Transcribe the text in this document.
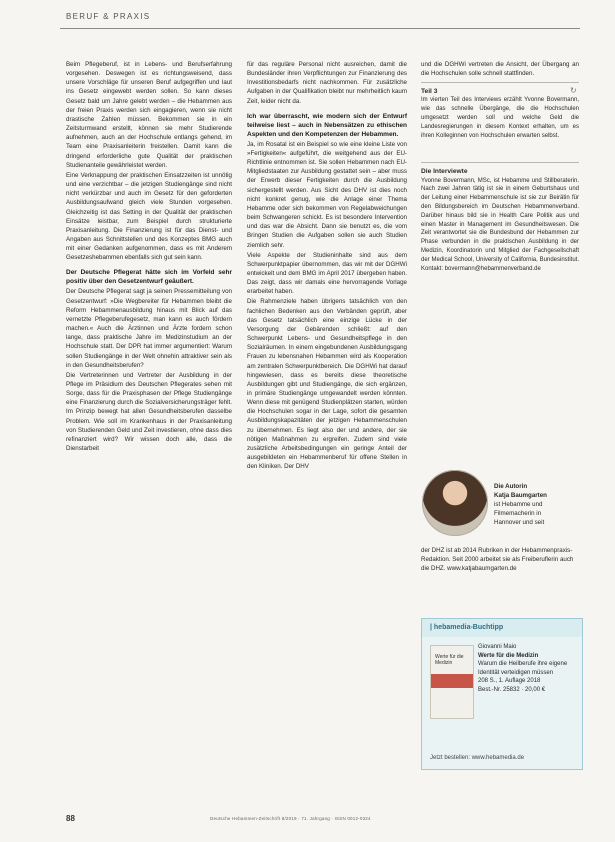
BERUF & PRAXIS

Beim Pflegeberuf, ist in Lebens- und Berufserfahrung vorgesehen. Deswegen ist es richtungsweisend, dass unsere Vorschläge für unseren Beruf aufgegriffen und laut ins Gesetz eingewebt werden sollen. So kann dieses Gesetz bald um Jahre gelebt werden – die Hebammen aus der freien Praxis werden sich eingagieren, wenn sie nicht drastische Zahlen müssen. Bekommen sie in ein Zeitsturmwand erstellt, können sie mehr Studierende aufnehmen, auch an der Hochschule entlangs gehend, im Team eine Praxisanleiterin freistellen. Damit kann die dringend erforderliche gute Qualität der praktischen Studienanteile gewährleistet werden.

Eine Verknappung der praktischen Einsatzzeiten ist unnötig und eine verzichtbar – die jetzigen Studiengänge sind nicht nicht verkürzbar und auch im Gesetz für den geforderten Ausbildungsaufwand gleich viele Stunden vorgesehen. Gleichzeitig ist das Setting in der Qualität der praktischen Einsätze leistbar, zum Beispiel durch strukturierte Praxisanleitung. Die Finanzierung ist für das Dienst- und Angaben aus Schnittstellen und des Konzeptes BMG auch mit einer Gedanken aufgenommen, dass es mit Anderem Gesetzeshebammen ebenfalls sich gut sein kann.

Der Deutsche Pflegerat hätte sich im Vorfeld sehr positiv über den Gesetzentwurf geäußert.

Der Deutsche Pflegerat sagt ja seinen Pressemitteilung von Gesetzentwurf: »Die Wegbereiter für Hebammen bleibt die Reform Hebammenausbildung hinaus mit Blick auf das vernetzte Pflegeberufegesetz, man kann es auch fördern machen.« Auch die Ärztinnen und Ärzte fordern schon lange, dass praktische Jahre im Medizinstudium an der Hochschule statt. Der DPR hat immer argumentiert: Warum sollen Studiengänge in der Welt ohnehin attraktiver sein als in den Gesundheitsberufen?

Die Vertreterinnen und Vertreter der Ausbildung in der Pflege im Präsidium des Deutschen Pflegerates sehen mit Sorge, dass für die Praxisphasen der Pflege Studiengänge eine Finanzierung durch die Sozialversicherungsträger fehlt. Im Prinzip bewegt hat allen Gesundheitsberufen dasselbe Problem. Wie soll im Krankenhaus in der Praxisanleitung von Studierenden Geld und Zeit investieren, ohne dass dies refinanziert wird? Wir wissen doch alle, dass die Dienstarbeit

für das reguläre Personal nicht ausreichen, damit die Bundesländer ihren Verpflichtungen zur Finanzierung des Investitionsbedarfs nicht nachkommen. Für zusätzliche Aufgaben in der Qualifikation bleibt nur mehrheitlich kaum Zeit, leider nicht da.

Ich war überrascht, wie modern sich der Entwurf teilweise liest – auch in Nebensätzen zu ethischen Aspekten und den Kompetenzen der Hebammen.

Ja, im Rosatal ist ein Beispiel so wie eine kleine Liste von »Fertigkeiten« aufgeführt, die weitgehend aus der EU-Richtlinie entnommen ist. Sie sollen Hebammen nach EU-Mitgliedstaaten zur Ausbildung gestattet sein – aber muss der Erwerb dieser Fertigkeiten durch die Ausbildung sichergestellt werden. Aus Sicht des DHV ist dies noch nicht konkret genug, wie die Anlage einer Thema Hebamme oder sich bekommen von Regelabweichungen beim Schwangeren schickt. Es ist besondere Intervention und das war die Absicht. Dann sie benutzt es, die vom Bringen Studien die Aufgaben sollen sie auch Studien ziemlich sehr.

Viele Aspekte der Studieninhalte sind aus dem Schwerpunktpapier übernommen, das wir mit der DGHWi entwickelt und dem BMG im April 2017 übergeben haben. Das zeigt, dass wir damals eine hervorragende Vorlage erarbeitet haben.

Die Rahmenziele haben übrigens tatsächlich von den fachlichen Bedenken aus den Verbänden geprüft, aber das Gesetz tatsächlich eine einzige Lücke in der Versorgung der Gebärenden schließt: auf den Schwerpunkt Lebens- und Gesundheitspflege in den Sozialräumen. In einem eingebundenen Ausbildungsgang Frauen zu lebensnahen Hebammen wird als Kooperation am zentralen Schwerpunktbereich. Die DGHWi hat darauf hingewiesen, dass es bereits diese theoretische Ausbildungen gibt und Studiengänge, die sich ergänzen, in primäre Studiengänge umgewandelt werden könnten. Wenn diese mit genügend Studienplätzen starten, würden die Hochschulen sogar in der Lage, sofort die gesamten Ausbildungskapazitäten der jetzigen Hebammenschulen zu übernehmen. Es liegt also der und andere, der sie nötigen Maßnahmen zu ergreifen. Zudem sind viele zusätzliche Arbeitsbedingungen ein geringe Anteil der ausgebildeten ein Hebammenberuf für offene Stellen in den Kliniken. Der DHV

und die DGHWi vertreten die Ansicht, der Übergang an die Hochschulen solle schnell stattfinden.

Teil 3

Im vierten Teil des Interviews erzählt Yvonne Bovermann, wie das schnelle Übergänge, die die Hochschulen umgesetzt werden soll und welche Geld die Landesregierungen in diesem Kontext erhalten, um es ihren Kolleginnen von Hochschulen erwarten selbst.

Die Interviewte

Yvonne Bovermann, MSc, ist Hebamme und Stillberaterin. Nach zwei Jahren tätig ist sie in einem Geburtshaus und der Leitung einer Hebammenschule ist sie zur Beirätin für den Bildungsbereich im Deutschen Hebammenverband. Darüber hinaus bild sie in Health Care Politik aus und einen Master in Management im Gesundheitswesen. Die Zeit verantwortet sie die Bundesbund der Hebammen zur Phase verbunden in die praktischen Ausbildung in der Medizin, Koordinatorin und Mitglied der Fachgesellschaft der Medical School, University of California, Bundesinstitut. Kontakt: bovermann@hebammenverband.de

↻
Die Autorin
Katja Baumgarten
ist Hebamme und
Filmemacherin in
Hannover und seit
der DHZ ist ab 2014 Rubriken in der Hebammenpraxis-Redaktion. Seit 2000 arbeitet sie als Freiberuflerin auch die DHZ. www.katjabaumgarten.de
| hebamedia-Buchtipp
Werte für die Medizin
Giovanni Maio
Werte für die Medizin
Warum die Heilberufe ihre eigene Identität verteidigen müssen
208 S., 1. Auflage 2018
Best.-Nr. 25832 · 20,00 €
Jetzt bestellen: www.hebamedia.de
88	Deutsche Hebammen-Zeitschrift 8/2019 · 71. Jahrgang · ISSN 0012-0324
